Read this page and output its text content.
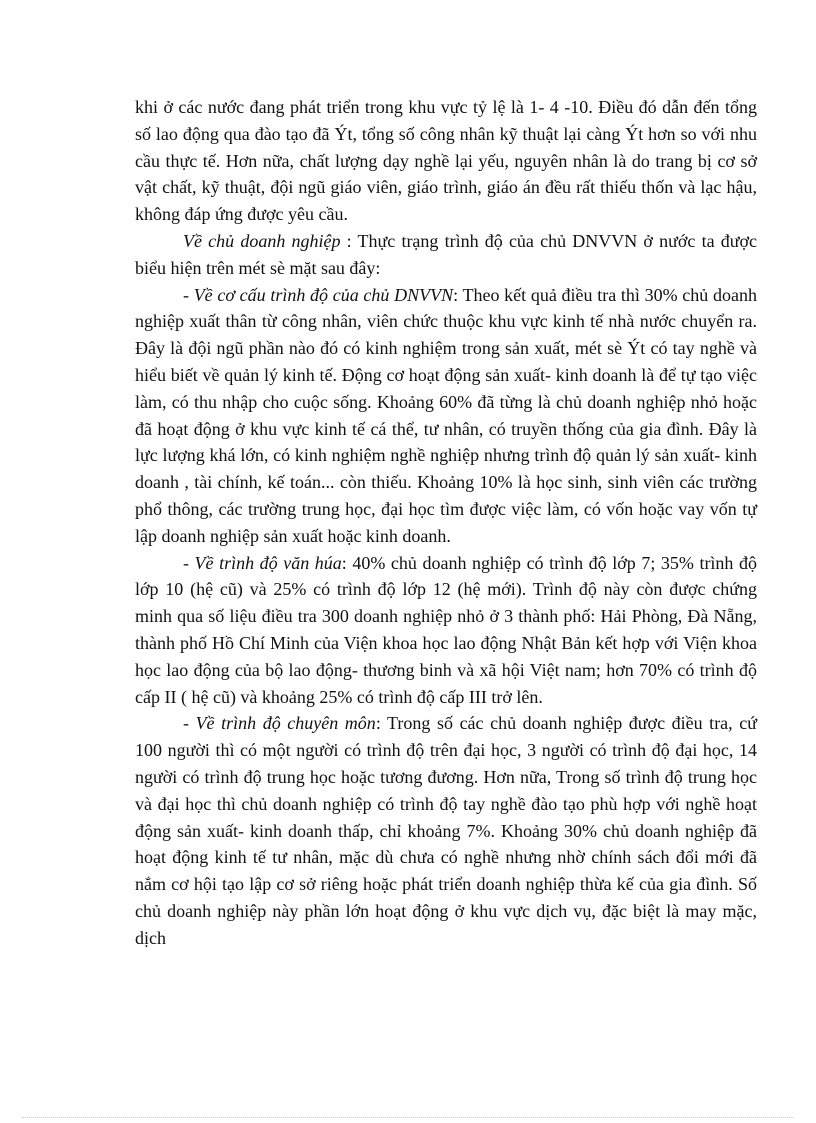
khi ở các nước đang phát triển trong khu vực tỷ lệ là 1- 4 -10. Điều đó dẫn đến tổng số lao động qua đào tạo đã Ýt, tổng số công nhân kỹ thuật lại càng Ýt hơn so với nhu cầu thực tế. Hơn nữa, chất lượng dạy nghề lại yếu, nguyên nhân là do trang bị cơ sở vật chất, kỹ thuật, đội ngũ giáo viên, giáo trình, giáo án đều rất thiếu thốn và lạc hậu, không đáp ứng được yêu cầu.

Về chủ doanh nghiệp : Thực trạng trình độ của chủ DNVVN ở nước ta được biểu hiện trên mét sè mặt sau đây:

- Về cơ cấu trình độ của chủ DNVVN: Theo kết quả điều tra thì 30% chủ doanh nghiệp xuất thân từ công nhân, viên chức thuộc khu vực kinh tế nhà nước chuyển ra. Đây là đội ngũ phần nào đó có kinh nghiệm trong sản xuất, mét sè Ýt có tay nghề và hiểu biết về quản lý kinh tế. Động cơ hoạt động sản xuất- kinh doanh là để tự tạo việc làm, có thu nhập cho cuộc sống. Khoảng 60% đã từng là chủ doanh nghiệp nhỏ hoặc đã hoạt động ở khu vực kinh tế cá thể, tư nhân, có truyền thống của gia đình. Đây là lực lượng khá lớn, có kinh nghiệm nghề nghiệp nhưng trình độ quản lý sản xuất- kinh doanh , tài chính, kế toán... còn thiếu. Khoảng 10% là học sinh, sinh viên các trường phổ thông, các trường trung học, đại học tìm được việc làm, có vốn hoặc vay vốn tự lập doanh nghiệp sản xuất hoặc kinh doanh.

- Về trình độ văn húa: 40% chủ doanh nghiệp có trình độ lớp 7; 35% trình độ lớp 10 (hệ cũ) và 25% có trình độ lớp 12 (hệ mới). Trình độ này còn được chứng minh qua số liệu điều tra 300 doanh nghiệp nhỏ ở 3 thành phố: Hải Phòng, Đà Nẵng, thành phố Hồ Chí Minh của Viện khoa học lao động Nhật Bản kết hợp với Viện khoa học lao động của bộ lao động- thương binh và xã hội Việt nam; hơn 70% có trình độ cấp II ( hệ cũ) và khoảng 25% có trình độ cấp III trở lên.

- Về trình độ chuyên môn: Trong số các chủ doanh nghiệp được điều tra, cứ 100 người thì có một người có trình độ trên đại học, 3 người có trình độ đại học, 14 người có trình độ trung học hoặc tương đương. Hơn nữa, Trong số trình độ trung học và đại học thì chủ doanh nghiệp có trình độ tay nghề đào tạo phù hợp với nghề hoạt động sản xuất- kinh doanh thấp, chỉ khoảng 7%. Khoảng 30% chủ doanh nghiệp đã hoạt động kinh tế tư nhân, mặc dù chưa có nghề nhưng nhờ chính sách đổi mới đã nắm cơ hội tạo lập cơ sở riêng hoặc phát triển doanh nghiệp thừa kế của gia đình. Số chủ doanh nghiệp này phần lớn hoạt động ở khu vực dịch vụ, đặc biệt là may mặc, dịch
